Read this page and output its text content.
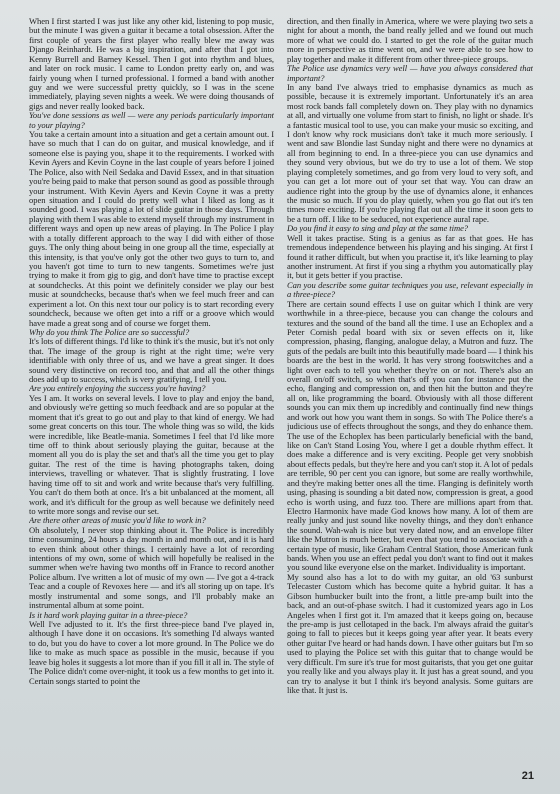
When I first started I was just like any other kid, listening to pop music, but the minute I was given a guitar it became a total obsession. After the first couple of years the first player who really blew me away was Django Reinhardt. He was a big inspiration, and after that I got into Kenny Burrell and Barney Kessel. Then I got into rhythm and blues, and later on rock music. I came to London pretty early on, and was fairly young when I turned professional. I formed a band with another guy and we were successful pretty quickly, so I was in the scene immediately, playing seven nights a week. We were doing thousands of gigs and never really looked back.

You've done sessions as well — were any periods particularly important to your playing?

You take a certain amount into a situation and get a certain amount out. I have so much that I can do on guitar, and musical knowledge, and if someone else is paying you, shape it to the requirements. I worked with Kevin Ayers and Kevin Coyne in the last couple of years before I joined The Police, also with Neil Sedaka and David Essex, and in that situation you're being paid to make that person sound as good as possible through your instrument. With Kevin Ayers and Kevin Coyne it was a pretty open situation and I could do pretty well what I liked as long as it sounded good. I was playing a lot of slide guitar in those days. Through playing with them I was able to extend myself through my instrument in different ways and open up new areas of playing. In The Police I play with a totally different approach to the way I did with either of those guys. The only thing about being in one group all the time, especially at this intensity, is that you've only got the other two guys to turn to, and you haven't got time to turn to new tangents. Sometimes we're just trying to make it from gig to gig, and don't have time to practise except at soundchecks. At this point we definitely consider we play our best music at soundchecks, because that's when we feel much freer and can experiment a lot. On this next tour our policy is to start recording every soundcheck, because we often get into a riff or a groove which would have made a great song and of course we forget them.

Why do you think The Police are so successful?

It's lots of different things. I'd like to think it's the music, but it's not only that. The image of the group is right at the right time; we're very identifiable with only three of us, and we have a great singer. It does sound very distinctive on record too, and that and all the other things does add up to success, which is very gratifying, I tell you.

Are you entirely enjoying the success you're having?

Yes I am. It works on several levels. I love to play and enjoy the band, and obviously we're getting so much feedback and are so popular at the moment that it's great to go out and play to that kind of energy. We had some great concerts on this tour. The whole thing was so wild, the kids were incredible, like Beatle-mania. Sometimes I feel that I'd like more time off to think about seriously playing the guitar, because at the moment all you do is play the set and that's all the time you get to play guitar. The rest of the time is having photographs taken, doing interviews, travelling or whatever. That is slightly frustrating. I love having time off to sit and work and write because that's very fulfilling. You can't do them both at once. It's a bit unbalanced at the moment, all work, and it's difficult for the group as well because we definitely need to write more songs and revise our set.

Are there other areas of music you'd like to work in?

Oh absolutely, I never stop thinking about it. The Police is incredibly time consuming, 24 hours a day month in and month out, and it is hard to even think about other things. I certainly have a lot of recording intentions of my own, some of which will hopefully be realised in the summer when we're having two months off in France to record another Police album. I've written a lot of music of my own — I've got a 4-track Teac and a couple of Revoxes here — and it's all storing up on tape. It's mostly instrumental and some songs, and I'll probably make an instrumental album at some point.

Is it hard work playing guitar in a three-piece?

Well I've adjusted to it. It's the first three-piece band I've played in, although I have done it on occasions. It's something I'd always wanted to do, but you do have to cover a lot more ground. In The Police we do like to make as much space as possible in the music, because if you leave big holes it suggests a lot more than if you fill it all in. The style of The Police didn't come over-night, it took us a few months to get into it. Certain songs started to point the

direction, and then finally in America, where we were playing two sets a night for about a month, the band really jelled and we found out much more of what we could do. I started to get the role of the guitar much more in perspective as time went on, and we were able to see how to play together and make it different from other three-piece groups.

The Police use dynamics very well — have you always considered that important?

In any band I've always tried to emphasise dynamics as much as possible, because it is extremely important. Unfortunately it's an area most rock bands fall completely down on. They play with no dynamics at all, and virtually one volume from start to finish, no light or shade. It's a fantastic musical tool to use, you can make your music so exciting, and I don't know why rock musicians don't take it much more seriously. I went and saw Blondie last Sunday night and there were no dynamics at all from beginning to end. In a three-piece you can use dynamics and they sound very obvious, but we do try to use a lot of them. We stop playing completely sometimes, and go from very loud to very soft, and you can get a lot more out of your set that way. You can draw an audience right into the group by the use of dynamics alone, it enhances the music so much. If you do play quietly, when you go flat out it's ten times more exciting. If you're playing flat out all the time it soon gets to be a turn off. I like to be seduced, not experience aural rape.

Do you find it easy to sing and play at the same time?

Well it takes practise. Sting is a genius as far as that goes. He has tremendous independence between his playing and his singing. At first I found it rather difficult, but when you practise it, it's like learning to play another instrument. At first if you sing a rhythm you automatically play it, but it gets better if you practise.

Can you describe some guitar techniques you use, relevant especially in a three-piece?

There are certain sound effects I use on guitar which I think are very worthwhile in a three-piece, because you can change the colours and textures and the sound of the band all the time. I use an Echoplex and a Peter Cornish pedal board with six or seven effects on it, like compression, phasing, flanging, analogue delay, a Mutron and fuzz. The guts of the pedals are built into this beautifully made board — I think his boards are the best in the world. It has very strong footswitches and a light over each to tell you whether they're on or not. There's also an overall on/off switch, so when that's off you can for instance put the echo, flanging and compression on, and then hit the button and they're all on, like programming the board. Obviously with all those different sounds you can mix them up incredibly and continually find new things and work out how you want them in songs. So with The Police there's a judicious use of effects throughout the songs, and they do enhance them. The use of the Echoplex has been particularly beneficial with the band, like on Can't Stand Losing You, where I get a double rhythm effect. It does make a difference and is very exciting. People get very snobbish about effects pedals, but they're here and you can't stop it. A lot of pedals are terrible, 90 per cent you can ignore, but some are really worthwhile, and they're making better ones all the time. Flanging is definitely worth using, phasing is sounding a bit dated now, compression is great, a good echo is worth using, and fuzz too. There are millions apart from that. Electro Harmonix have made God knows how many. A lot of them are really junky and just sound like novelty things, and they don't enhance the sound. Wah-wah is nice but very dated now, and an envelope filter like the Mutron is much better, but even that you tend to associate with a certain type of music, like Graham Central Station, those American funk bands. When you use an effect pedal you don't want to find out it makes you sound like everyone else on the market. Individuality is important.

My sound also has a lot to do with my guitar, an old '63 sunburst Telecaster Custom which has become quite a hybrid guitar. It has a Gibson humbucker built into the front, a little pre-amp built into the back, and an out-of-phase switch. I had it customized years ago in Los Angeles when I first got it. I'm amazed that it keeps going on, because the pre-amp is just cellotaped in the back. I'm always afraid the guitar's going to fall to pieces but it keeps going year after year. It beats every other guitar I've heard or had hands down. I have other guitars but I'm so used to playing the Police set with this guitar that to change would be very difficult. I'm sure it's true for most guitarists, that you get one guitar you really like and you always play it. It just has a great sound, and you can try to analyse it but I think it's beyond analysis. Some guitars are like that. It just is.

21
